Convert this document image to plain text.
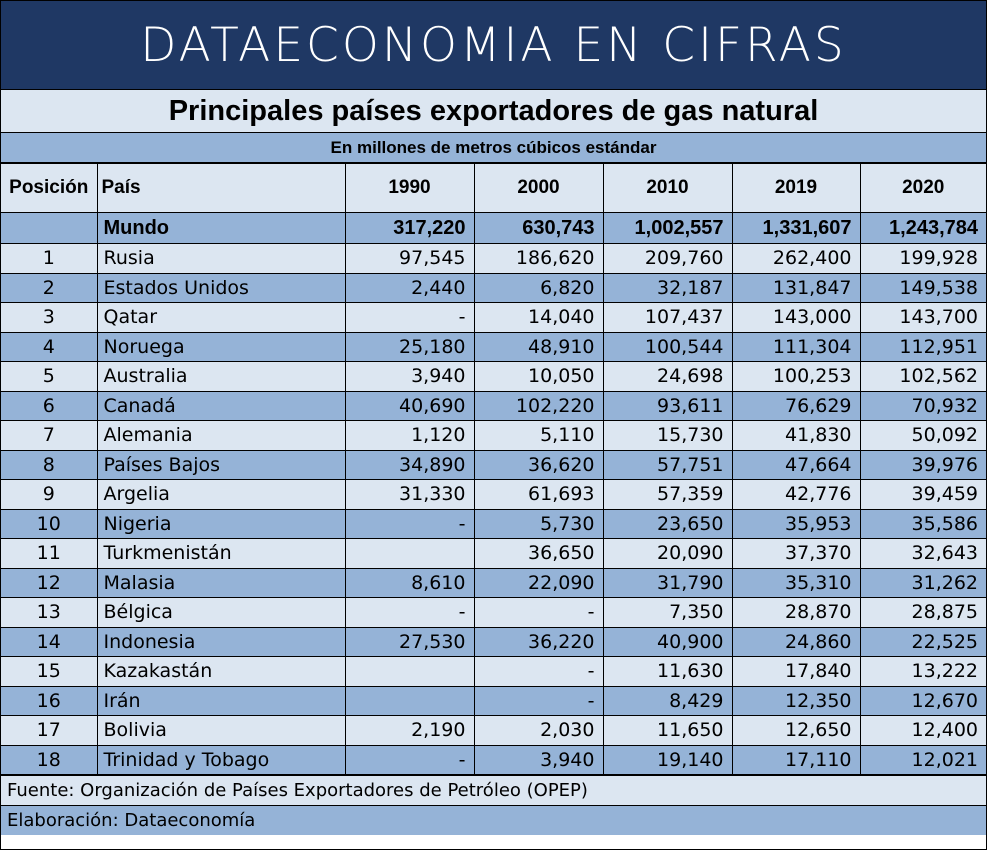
DATAECONOMIA EN CIFRAS
Principales países exportadores de gas natural
En millones de metros cúbicos estándar
Posición	País	1990	2000	2010	2019	2020
	Mundo	317,220	630,743	1,002,557	1,331,607	1,243,784
1	Rusia	97,545	186,620	209,760	262,400	199,928
2	Estados Unidos	2,440	6,820	32,187	131,847	149,538
3	Qatar	-	14,040	107,437	143,000	143,700
4	Noruega	25,180	48,910	100,544	111,304	112,951
5	Australia	3,940	10,050	24,698	100,253	102,562
6	Canadá	40,690	102,220	93,611	76,629	70,932
7	Alemania	1,120	5,110	15,730	41,830	50,092
8	Países Bajos	34,890	36,620	57,751	47,664	39,976
9	Argelia	31,330	61,693	57,359	42,776	39,459
10	Nigeria	-	5,730	23,650	35,953	35,586
11	Turkmenistán		36,650	20,090	37,370	32,643
12	Malasia	8,610	22,090	31,790	35,310	31,262
13	Bélgica	-	-	7,350	28,870	28,875
14	Indonesia	27,530	36,220	40,900	24,860	22,525
15	Kazakastán		-	11,630	17,840	13,222
16	Irán		-	8,429	12,350	12,670
17	Bolivia	2,190	2,030	11,650	12,650	12,400
18	Trinidad y Tobago	-	3,940	19,140	17,110	12,021
Fuente: Organización de Países Exportadores de Petróleo (OPEP)
Elaboración: Dataeconomía
